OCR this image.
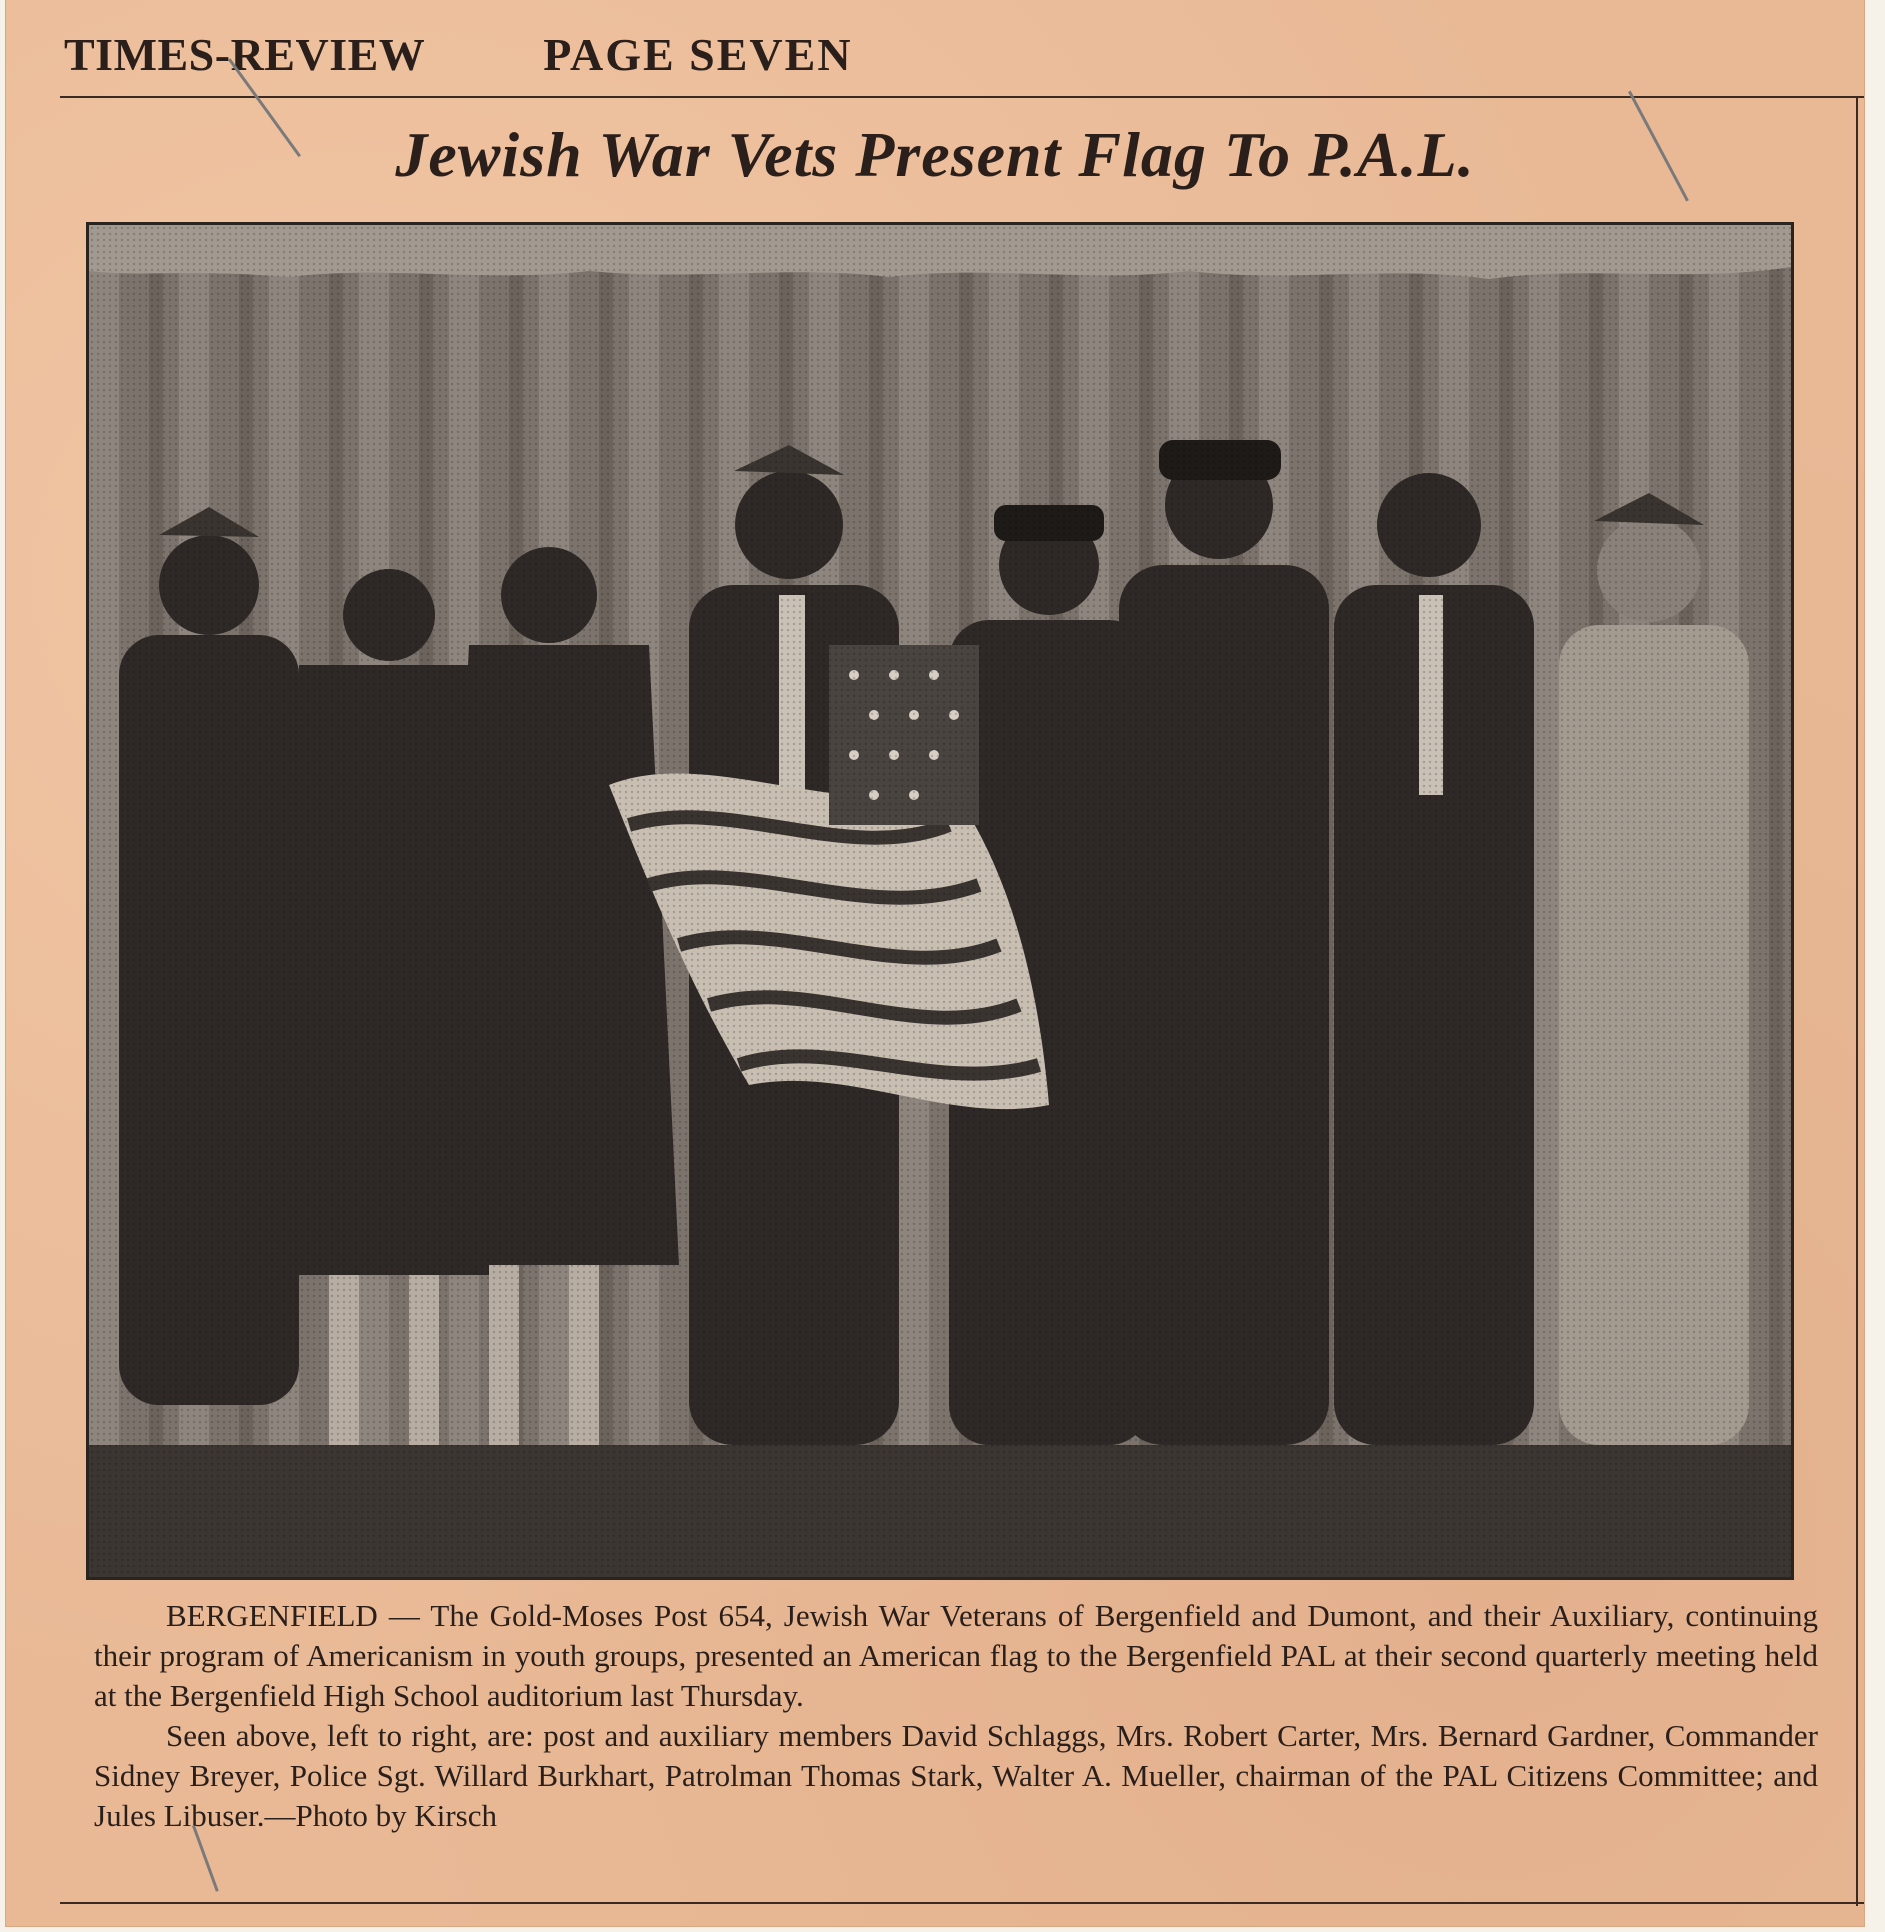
TIMES-REVIEW	PAGE SEVEN
Jewish War Vets Present Flag To P.A.L.

BERGENFIELD — The Gold-Moses Post 654, Jewish War Veterans of Bergenfield and Dumont, and their Auxiliary, continuing their program of Americanism in youth groups, presented an American flag to the Bergenfield PAL at their second quarterly meeting held at the Bergenfield High School auditorium last Thursday.

Seen above, left to right, are: post and auxiliary members David Schlaggs, Mrs. Robert Carter, Mrs. Bernard Gardner, Commander Sidney Breyer, Police Sgt. Willard Burkhart, Patrolman Thomas Stark, Walter A. Mueller, chairman of the PAL Citizens Committee; and Jules Libuser.—Photo by Kirsch
